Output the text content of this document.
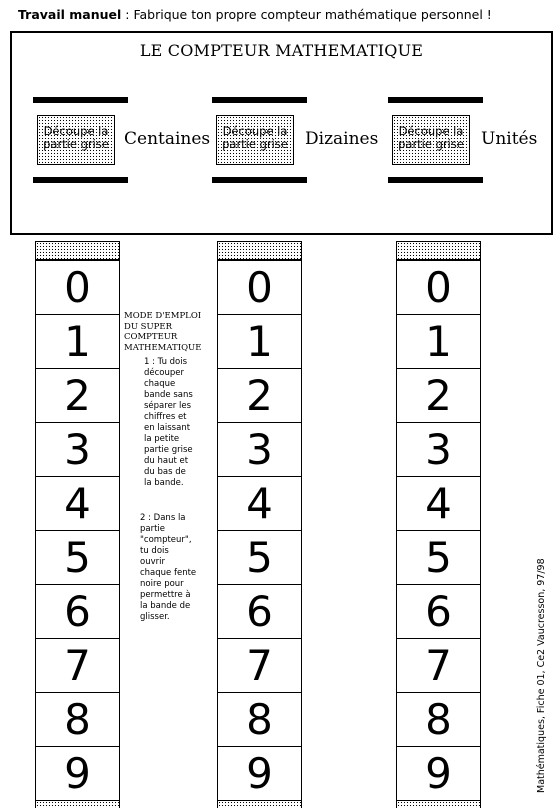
Travail manuel : Fabrique ton propre compteur mathématique personnel !
LE COMPTEUR MATHEMATIQUE
Découpe la
partie grise Centaines	Découpe la
partie grise Dizaines	Découpe la
partie grise Unités
0
1
2
3
4
5
6
7
8
9
0
1
2
3
4
5
6
7
8
9
0
1
2
3
4
5
6
7
8
9
MODE D'EMPLOI
DU SUPER
COMPTEUR
MATHEMATIQUE
1 : Tu dois
découper
chaque
bande sans
séparer les
chiffres et
en laissant
la petite
partie grise
du haut et
du bas de
la bande.
2 : Dans la
partie
"compteur",
tu dois
ouvrir
chaque fente
noire pour
permettre à
la bande de
glisser.	Mathématiques, Fiche 01, Ce2 Vaucresson, 97/98
